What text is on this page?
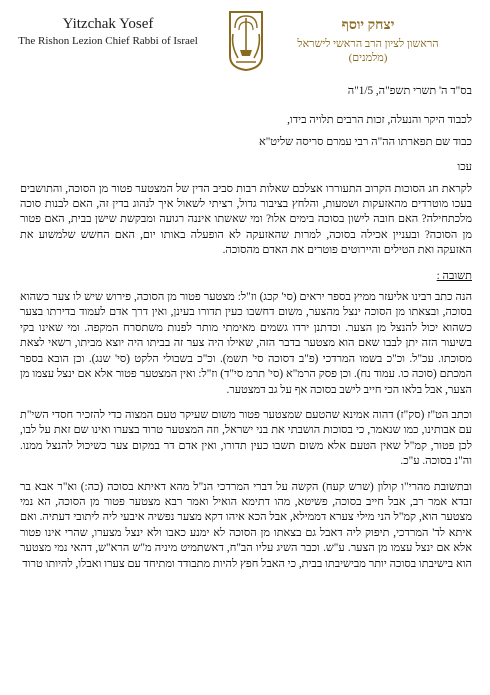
Yitzchak Yosef
The Rishon Lezion Chief Rabbi of Israel
יצחק יוסף
הראשון לציון הרב הראשי לישראל
(מלמנים)

בס"ד ה' תשרי תשפ"ה, 1/5"ה

לכבוד היקר והנעלה, זכות הרבים תלויה בידו,

כבוד שם תפארתו הה"ה רבי עמרם סריסה שליט"א

עכו

לקראת חג הסוכות הקרוב התעוררו אצלכם שאלות רבות סביב הדין של המצטער פטור מן הסוכה, והתושבים בעכו מוטרדים מהאזעקות ושמעות, והלחץ בציבור גדול, רציתי לשאול איך לנהוג בדין זה, האם לבנות סוכה מלכתחילה? האם חובה לישון בסוכה בימים אלו? ומי שאשתו איננה רגועה ומבקשת שישן בבית, האם פטור מן הסוכה? ובעניין אכילה בסוכה, למרות שהאזעקה לא הופעלה באותו יום, האם החשש שלמשוע את האזעקה ואת הטילים והיירוטים פוטרים את האדם מהסוכה.

תשובה :

הנה כתב רבינו אליעזר ממיץ בספר יראים (סי' קכג) וז"ל: מצטער פטור מן הסוכה, פירוש שיש לו צער כשהוא בסוכה, ובצאתו מן הסוכה ינצל מהצער, משום דחשבו כעין תדורו בעינן, ואין דרך אדם לעמוד בדירתו בצער כשהוא יכול להנצל מן הצער. וכדתנן ירדו גשמים מאימתי מותר לפנות משתסרח המקפה. ומי שאינו בקי בשיעור הזה יתן לבבו שאם הוא מצטער בדבר הזה, שאילו היה צער זה בביתו היה יוצא מביתו, רשאי לצאת מסוכתו. עכ"ל. וכ"כ בשמו המרדכי (פ"ב דסוכה סי' תשמ). וכ"כ בשבולי הלקט (סי' שנג). וכן הובא בספר המכתם (סוכה כו. עמוד נח). וכן פסק הרמ"א (סי' תרמ סי"ד) וז"ל: ואין המצטער פטור אלא אם ינצל עצמו מן הצער, אבל בלאו הכי חייב לישב בסוכה אף על גב דמצטער.

וכתב הט"ז (סק"ז) דהוה אמינא שהטעם שמצטער פטור משום שעיקר טעם המצוה כדי להזכיר חסדי השי"ת עם אבותינו, כמו שנאמר, כי בסוכות הושבתי את בני ישראל, וזה המצטער טרוד בצערו ואינו שם זאת על לבו, לכן פטור, קמ"ל שאין הטעם אלא משום תשבו כעין תדורו, ואין אדם דר במקום צער כשיכול להנצל ממנו. וה"נ בסוכה. ע"כ.

ובתשובת מהרי"ו קולון (שרש קעח) הקשה על דברי המרדכי הנ"ל מהא דאיתא בסוכה (כה:) וא"ר אבא בר זבדא אמר רב, אבל חייב בסוכה, פשיטא, מהו דתימא הואיל ואמר רבא מצטער פטור מן הסוכה, הא נמי מצטער הוא, קמ"ל הני מילי צערא דממילא, אבל הכא איהו דקא מצער נפשיה איבעי ליה ליתובי דעתיה. ואם איתא לד' המרדכי, תיפוק ליה דאבל גם בצאתו מן הסוכה לא ימנע כאבו ולא ינצל מצערו, שהרי אינו פטור אלא אם ינצל עצמו מן הצער. ע"ש. וכבר השיג עליו הב"ח, דאשתמיט מיניה מ"ש הרא"ש, דהאי נמי מצטער הוא בישיבתו בסוכה יותר מבישיבתו בבית, כי האבל חפץ להיות מתבודד ומתיחד עם צערו ואבלו, להיותו טרוד
